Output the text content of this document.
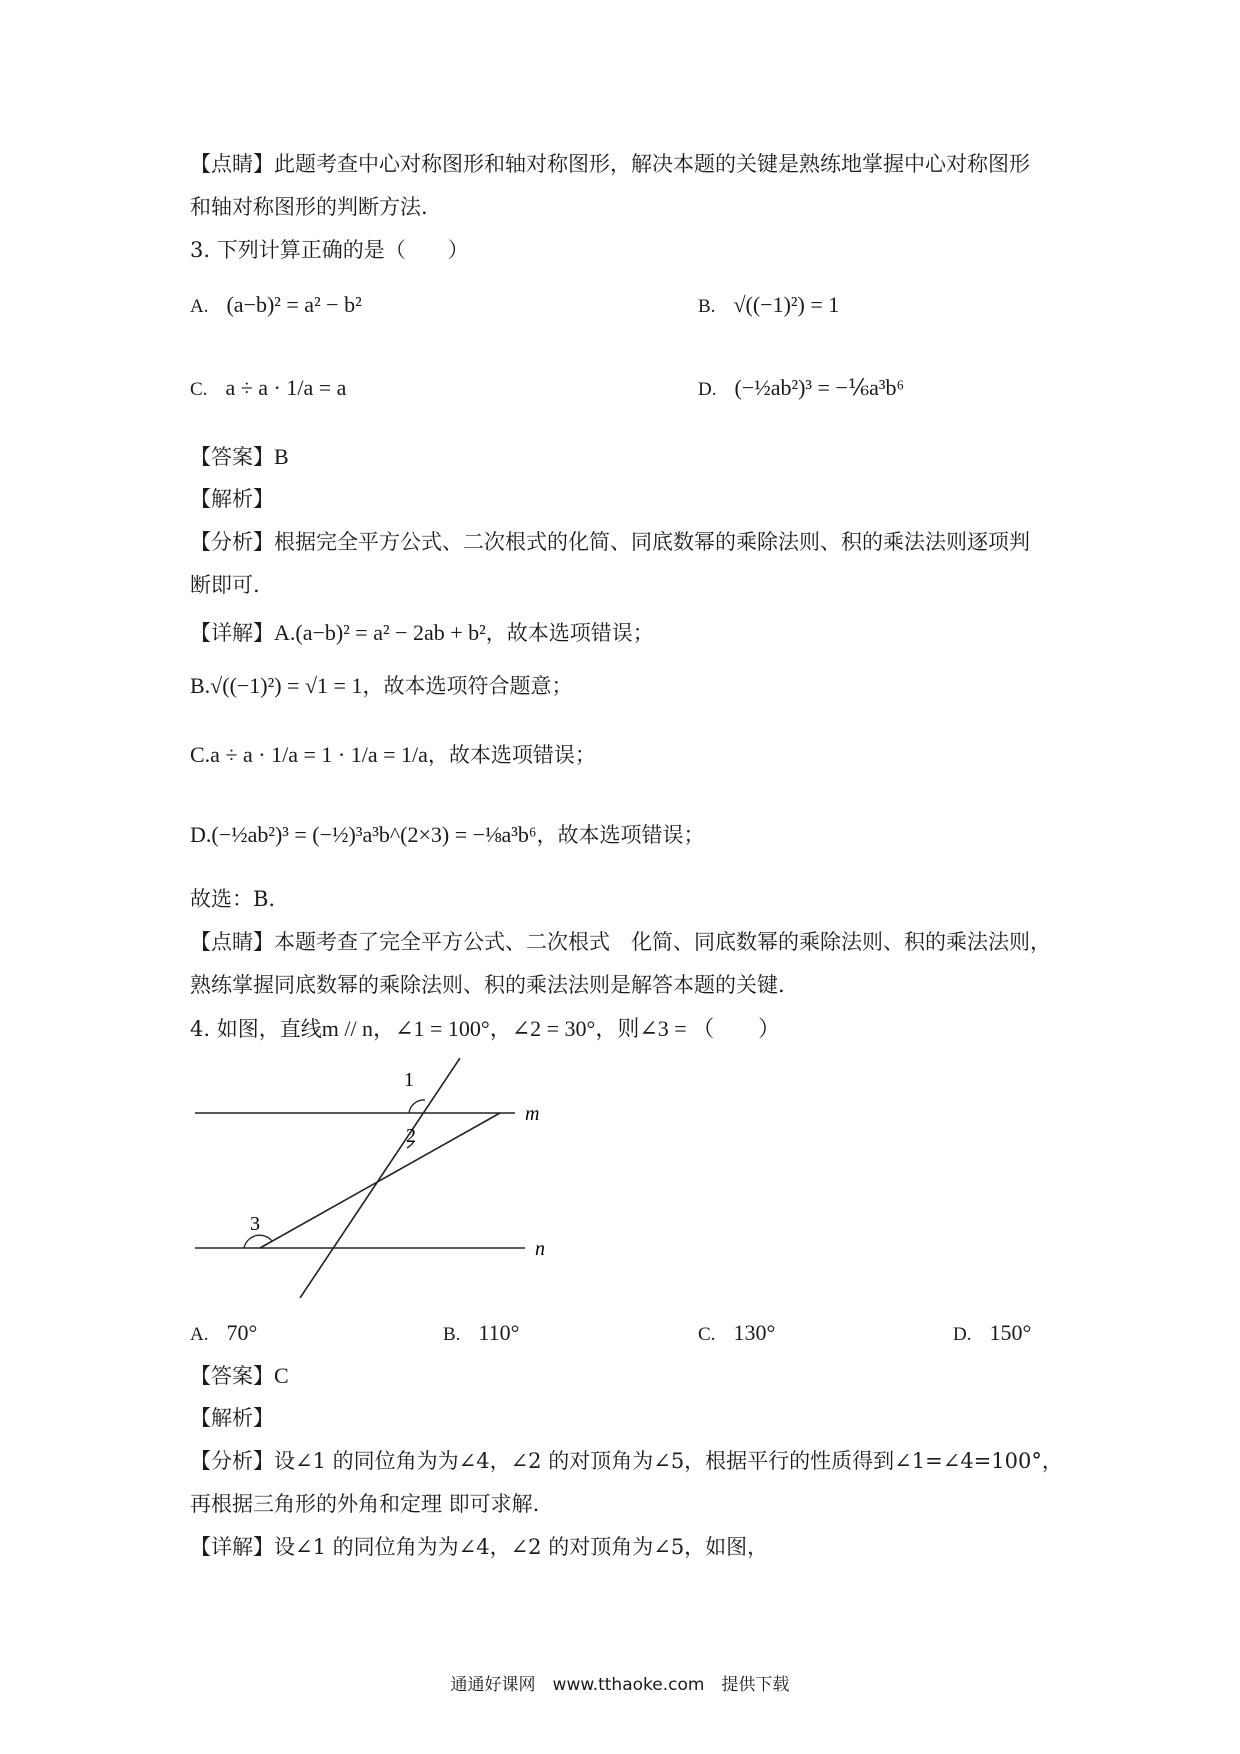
【点睛】此题考查中心对称图形和轴对称图形，解决本题的关键是熟练地掌握中心对称图形
和轴对称图形的判断方法.
3. 下列计算正确的是（　　）
A. (a−b)² = a² − b²	B. √((−1)²) = 1
C. a ÷ a · 1/a = a	D. (−½ab²)³ = −⅙a³b⁶
【答案】B
【解析】
【分析】根据完全平方公式、二次根式的化简、同底数幂的乘除法则、积的乘法法则逐项判
断即可.
【详解】A.(a−b)² = a² − 2ab + b²，故本选项错误；
B.√((−1)²) = √1 = 1，故本选项符合题意；
C.a ÷ a · 1/a = 1 · 1/a = 1/a，故本选项错误；
D.(−½ab²)³ = (−½)³a³b^(2×3) = −⅛a³b⁶，故本选项错误；
故选：B.
【点睛】本题考查了完全平方公式、二次根式　化简、同底数幂的乘除法则、积的乘法法则，
熟练掌握同底数幂的乘除法则、积的乘法法则是解答本题的关键.
4. 如图，直线m // n，∠1 = 100°，∠2 = 30°，则∠3 = （　　）
1
2
3
m
n
A. 70°	B. 110°	C. 130°	D. 150°
【答案】C
【解析】
【分析】设∠1 的同位角为为∠4，∠2 的对顶角为∠5，根据平行的性质得到∠1=∠4=100°，
再根据三角形的外角和定理 即可求解.
【详解】设∠1 的同位角为为∠4，∠2 的对顶角为∠5，如图，
通通好课网　www.tthaoke.com　提供下载
